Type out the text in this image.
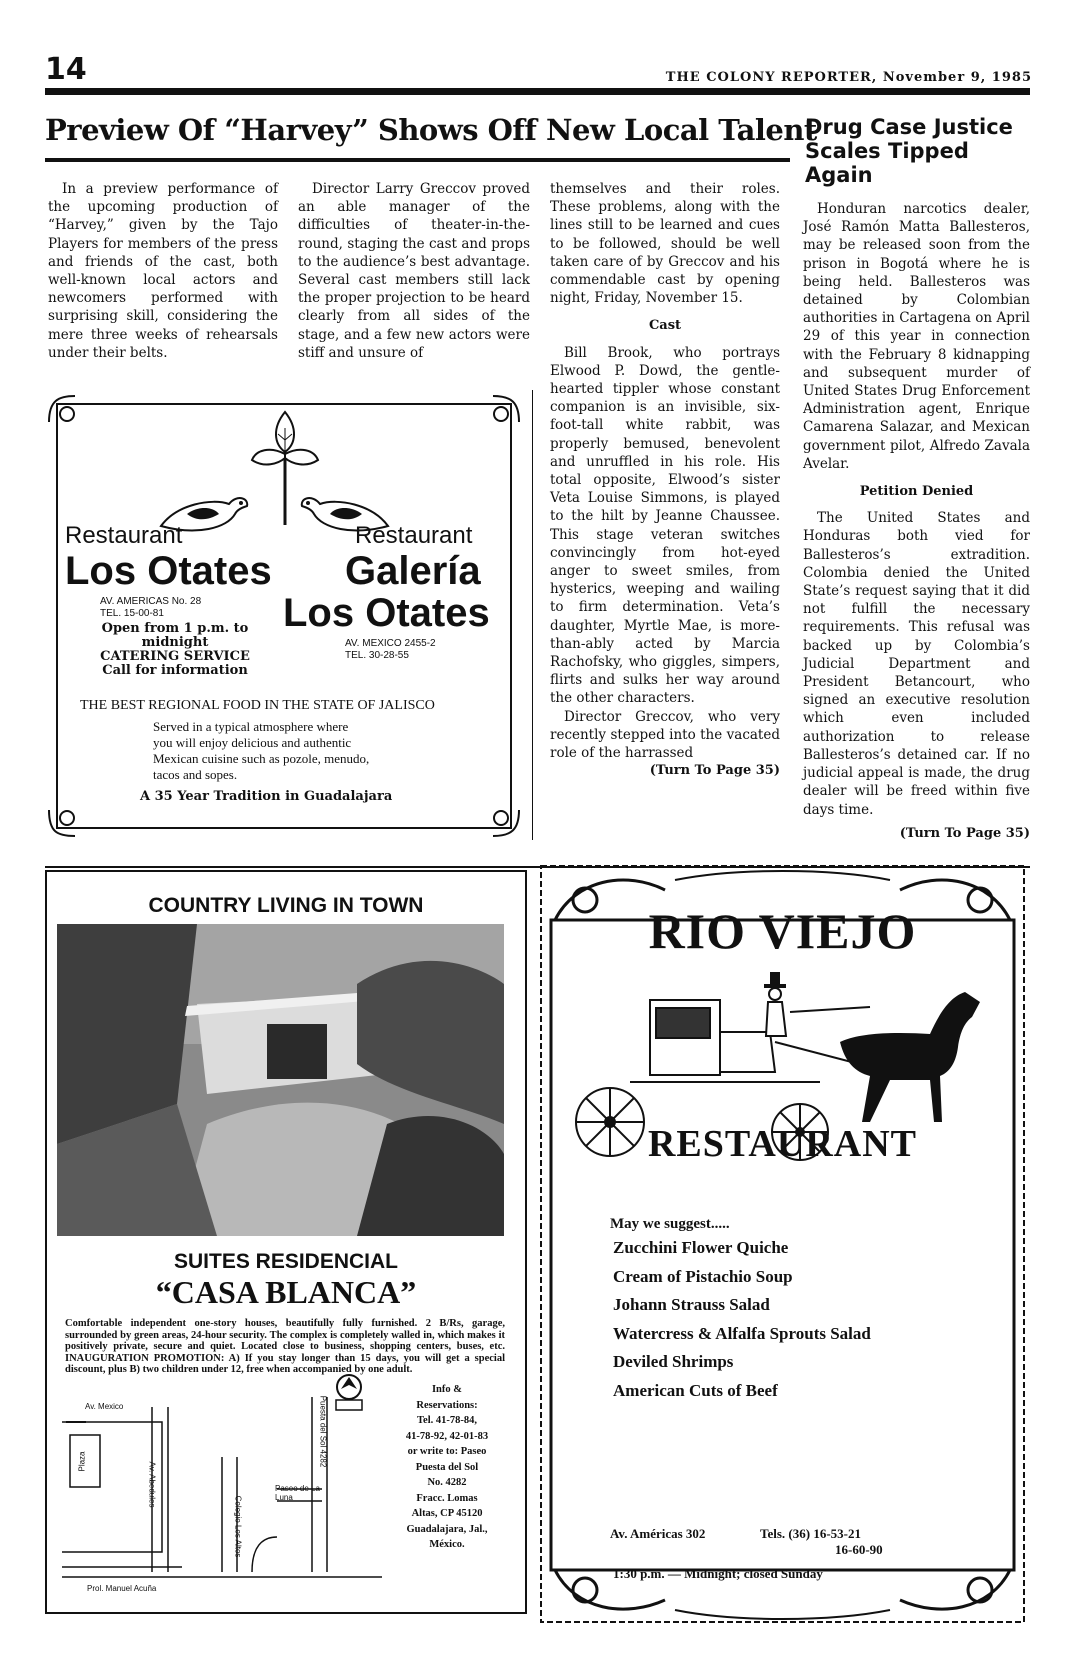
14	THE COLONY REPORTER, November 9, 1985
Preview Of “Harvey” Shows Off New Local Talent

In a preview performance of the upcoming production of “Harvey,” given by the Tajo Players for members of the press and friends of the cast, both well-known local actors and newcomers performed with surprising skill, considering the mere three weeks of rehearsals under their belts.

Director Larry Greccov proved an able manager of the difficulties of theater-in-the-round, staging the cast and props to the audience’s best advantage. Several cast members still lack the proper projection to be heard clearly from all sides of the stage, and a few new actors were stiff and unsure of

themselves and their roles. These problems, along with the lines still to be learned and cues to be followed, should be well taken care of by Greccov and his commendable cast by opening night, Friday, November 15.

Cast

Bill Brook, who portrays Elwood P. Dowd, the gentle-hearted tippler whose constant companion is an invisible, six-foot-tall white rabbit, was properly bemused, benevolent and unruffled in his role. His total opposite, Elwood’s sister Veta Louise Simmons, is played to the hilt by Jeanne Chaussee. This stage veteran switches convincingly from hot-eyed anger to sweet smiles, from hysterics, weeping and wailing to firm determination. Veta’s daughter, Myrtle Mae, is more-than-ably acted by Marcia Rachofsky, who giggles, simpers, flirts and sulks her way around the other characters.

Director Greccov, who very recently stepped into the vacated role of the harrassed

(Turn To Page 35)
Drug Case Justice Scales Tipped Again

Honduran narcotics dealer, José Ramón Matta Ballesteros, may be released soon from the prison in Bogotá where he is being held. Ballesteros was detained by Colombian authorities in Cartagena on April 29 of this year in connection with the February 8 kidnapping and subsequent murder of United States Drug Enforcement Administration agent, Enrique Camarena Salazar, and Mexican government pilot, Alfredo Zavala Avelar.

Petition Denied

The United States and Honduras both vied for Ballesteros’s extradition. Colombia denied the United State’s request saying that it did not fulfill the necessary requirements. This refusal was backed up by Colombia’s Judicial Department and President Betancourt, who signed an executive resolution which even included authorization to release Ballesteros’s detained car. If no judicial appeal is made, the drug dealer will be freed within five days time.

(Turn To Page 35)
Restaurant
Los Otates
AV. AMERICAS No. 28
TEL. 15-00-81
Open from 1 p.m. to
midnight
CATERING SERVICE
Call for information
Restaurant
Galería
Los Otates
AV. MEXICO 2455-2
TEL. 30-28-55
THE BEST REGIONAL FOOD IN THE STATE OF JALISCO
Served in a typical atmosphere where
you will enjoy delicious and authentic
Mexican cuisine such as pozole, menudo,
tacos and sopes.
A 35 Year Tradition in Guadalajara
COUNTRY LIVING IN TOWN
SUITES RESIDENCIAL
“CASA BLANCA”
Comfortable independent one-story houses, beautifully fully furnished. 2 B/Rs, garage, surrounded by green areas, 24-hour security. The complex is completely walled in, which makes it positively private, secure and quiet. Located close to business, shopping centers, buses, etc. INAUGURATION PROMOTION: A) If you stay longer than 15 days, you will get a special discount, plus B) two children under 12, free when accompanied by one adult.
Av. Mexico
Plaza
Av. Abedules
Colegio Los Altos
Paseo de La Luna
Puesta del Sol 4282
Prol. Manuel Acuña
Info &
Reservations:
Tel. 41-78-84,
41-78-92, 42-01-83
or write to: Paseo
Puesta del Sol
No. 4282
Fracc. Lomas
Altas, CP 45120
Guadalajara, Jal.,
México.
RIO VIEJO
RESTAURANT
May we suggest.....
Zucchini Flower Quiche
Cream of Pistachio Soup
Johann Strauss Salad
Watercress & Alfalfa Sprouts Salad
Deviled Shrimps
American Cuts of Beef
Av. Américas 302	Tels. (36) 16-53-21
16-60-90
1:30 p.m. — Midnight; closed Sunday
